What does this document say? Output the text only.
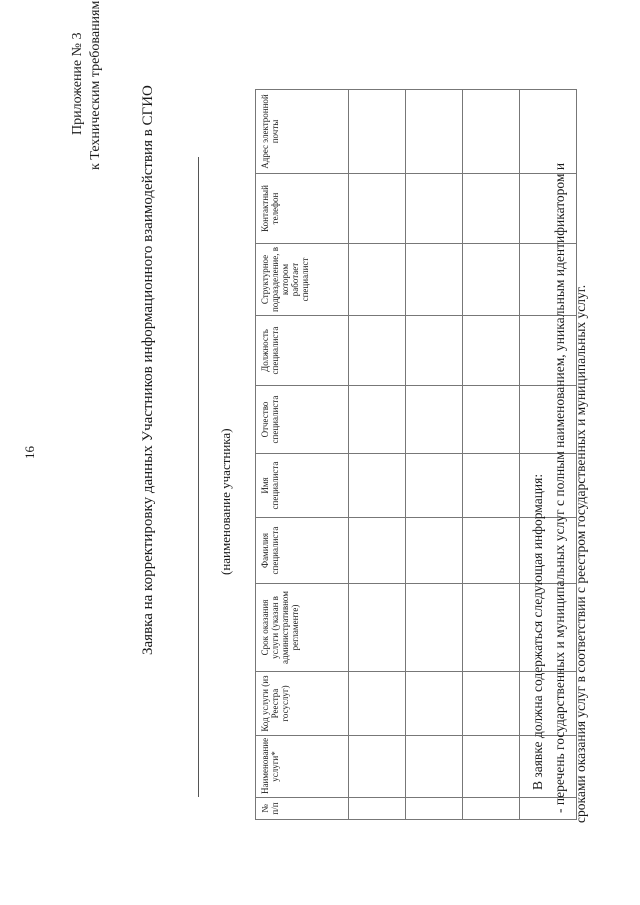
16
Приложение № 3 к Техническим требованиям Заявка на корректировку данных Участников информационного взаимодействия в СГИО	(наименование участника)
№ п/п	Наименование услуги*	Код услуги (из Реестра госуслуг)	Срок оказания услуги (указан в административном регламенте)	Фамилия специалиста	Имя специалиста	Отчество специалиста	Должность специалиста	Структурное подразделение, в котором работает специалист	Контактный телефон	Адрес электронной почты

В заявке должна содержаться следующая информация: - перечень государственных и муниципальных услуг с полным наименованием, уникальным идентификатором и сроками оказания услуг в соответствии с реестром государственных и муниципальных услуг.
